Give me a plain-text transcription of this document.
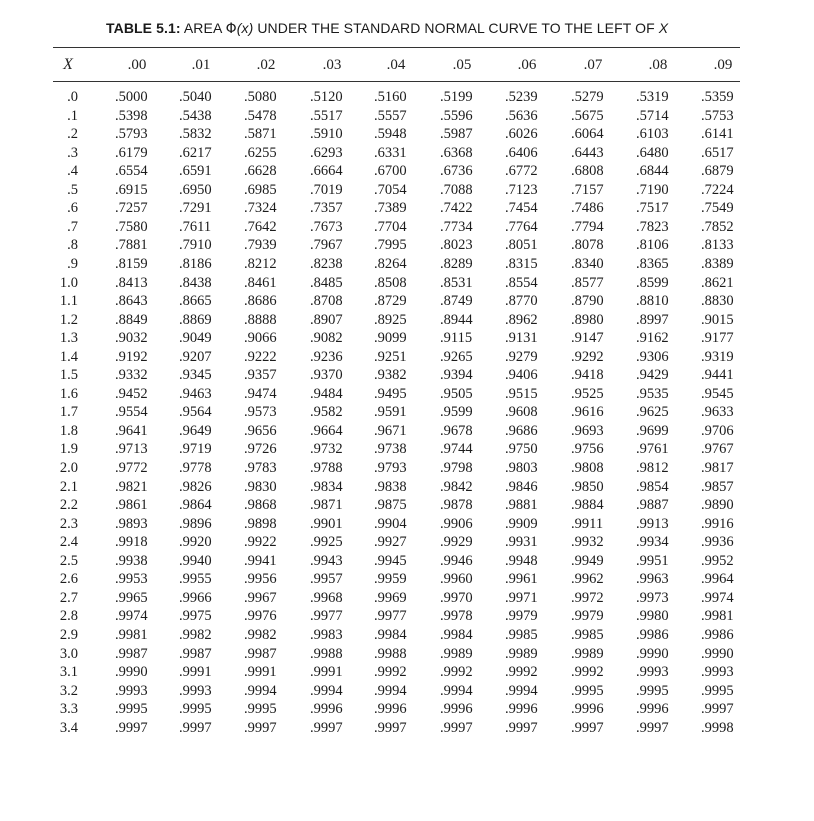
TABLE 5.1: AREA Φ(x) UNDER THE STANDARD NORMAL CURVE TO THE LEFT OF X
X	.00	.01	.02	.03	.04	.05	.06	.07	.08	.09
.0	.5000 .5040 .5080 .5120 .5160 .5199 .5239 .5279 .5319 .5359
.1	.5398 .5438 .5478 .5517 .5557 .5596 .5636 .5675 .5714 .5753
.2	.5793 .5832 .5871 .5910 .5948 .5987 .6026 .6064 .6103 .6141
.3	.6179 .6217 .6255 .6293 .6331 .6368 .6406 .6443 .6480 .6517
.4	.6554 .6591 .6628 .6664 .6700 .6736 .6772 .6808 .6844 .6879
.5	.6915 .6950 .6985 .7019 .7054 .7088 .7123 .7157 .7190 .7224
.6	.7257 .7291 .7324 .7357 .7389 .7422 .7454 .7486 .7517 .7549
.7	.7580 .7611 .7642 .7673 .7704 .7734 .7764 .7794 .7823 .7852
.8	.7881 .7910 .7939 .7967 .7995 .8023 .8051 .8078 .8106 .8133
.9	.8159 .8186 .8212 .8238 .8264 .8289 .8315 .8340 .8365 .8389
1.0	.8413 .8438 .8461 .8485 .8508 .8531 .8554 .8577 .8599 .8621
1.1	.8643 .8665 .8686 .8708 .8729 .8749 .8770 .8790 .8810 .8830
1.2	.8849 .8869 .8888 .8907 .8925 .8944 .8962 .8980 .8997 .9015
1.3	.9032 .9049 .9066 .9082 .9099 .9115 .9131 .9147 .9162 .9177
1.4	.9192 .9207 .9222 .9236 .9251 .9265 .9279 .9292 .9306 .9319
1.5	.9332 .9345 .9357 .9370 .9382 .9394 .9406 .9418 .9429 .9441
1.6	.9452 .9463 .9474 .9484 .9495 .9505 .9515 .9525 .9535 .9545
1.7	.9554 .9564 .9573 .9582 .9591 .9599 .9608 .9616 .9625 .9633
1.8	.9641 .9649 .9656 .9664 .9671 .9678 .9686 .9693 .9699 .9706
1.9	.9713 .9719 .9726 .9732 .9738 .9744 .9750 .9756 .9761 .9767
2.0	.9772 .9778 .9783 .9788 .9793 .9798 .9803 .9808 .9812 .9817
2.1	.9821 .9826 .9830 .9834 .9838 .9842 .9846 .9850 .9854 .9857
2.2	.9861 .9864 .9868 .9871 .9875 .9878 .9881 .9884 .9887 .9890
2.3	.9893 .9896 .9898 .9901 .9904 .9906 .9909 .9911 .9913 .9916
2.4	.9918 .9920 .9922 .9925 .9927 .9929 .9931 .9932 .9934 .9936
2.5	.9938 .9940 .9941 .9943 .9945 .9946 .9948 .9949 .9951 .9952
2.6	.9953 .9955 .9956 .9957 .9959 .9960 .9961 .9962 .9963 .9964
2.7	.9965 .9966 .9967 .9968 .9969 .9970 .9971 .9972 .9973 .9974
2.8	.9974 .9975 .9976 .9977 .9977 .9978 .9979 .9979 .9980 .9981
2.9	.9981 .9982 .9982 .9983 .9984 .9984 .9985 .9985 .9986 .9986
3.0	.9987 .9987 .9987 .9988 .9988 .9989 .9989 .9989 .9990 .9990
3.1	.9990 .9991 .9991 .9991 .9992 .9992 .9992 .9992 .9993 .9993
3.2	.9993 .9993 .9994 .9994 .9994 .9994 .9994 .9995 .9995 .9995
3.3	.9995 .9995 .9995 .9996 .9996 .9996 .9996 .9996 .9996 .9997
3.4	.9997 .9997 .9997 .9997 .9997 .9997 .9997 .9997 .9997 .9998
